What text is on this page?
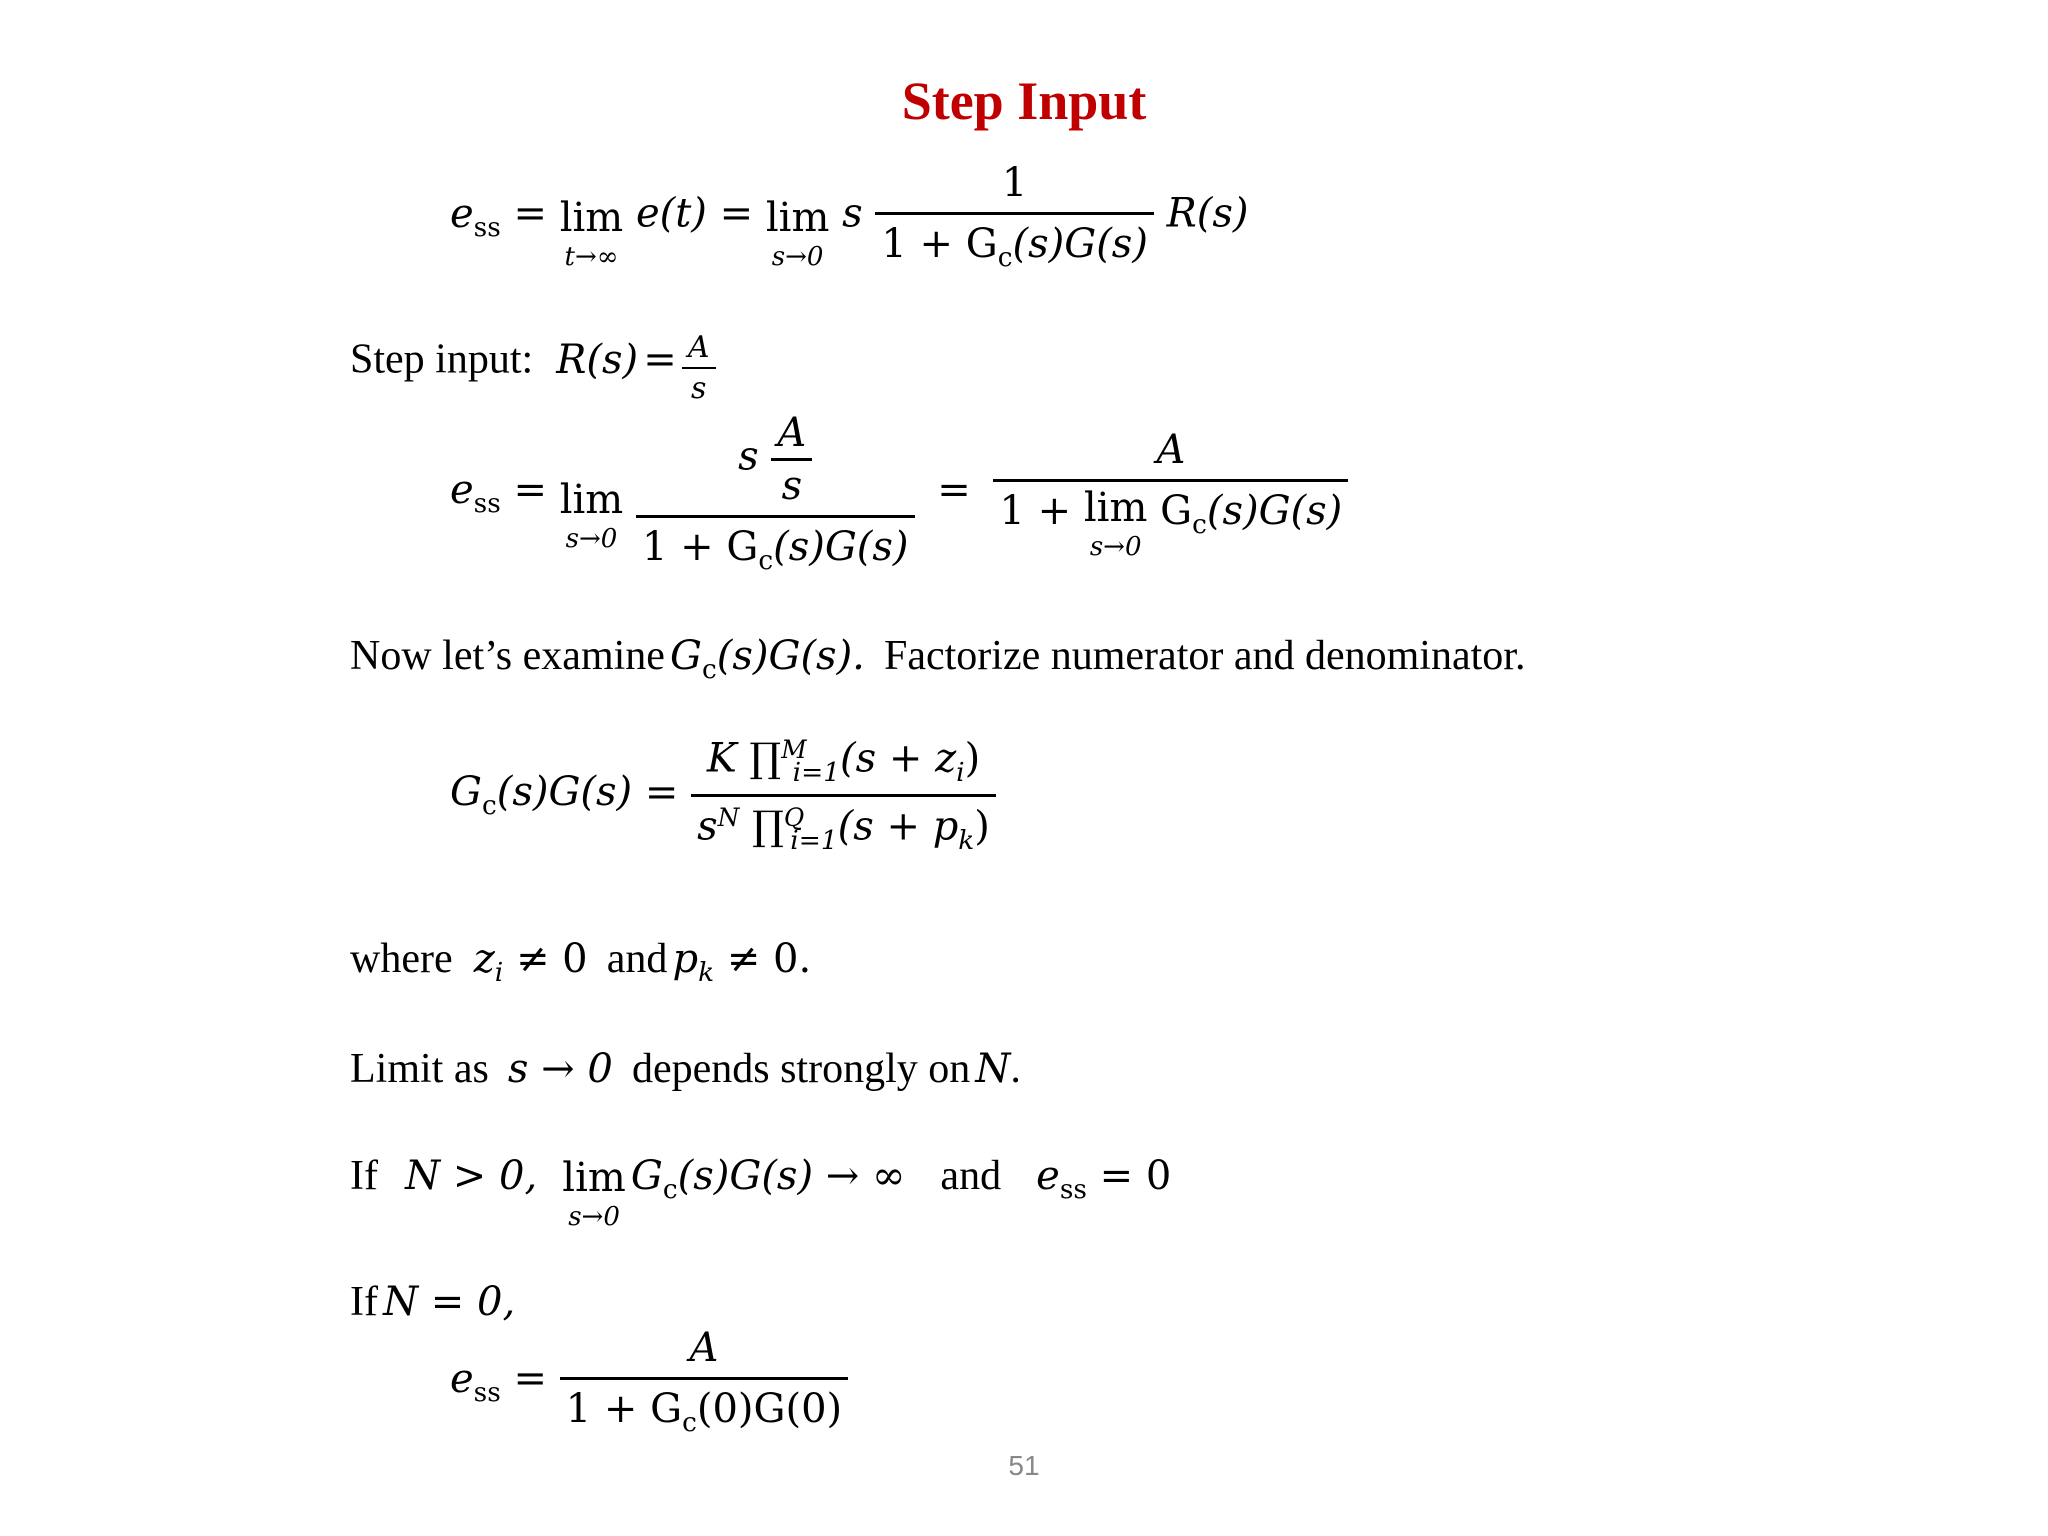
Step Input
$e_{ss} = \lim$
t→∞
e(t) = lim
s→0
s $\frac{1}{1 + G_c(s)G(s)} R(s)$
Step input: $R(s) = \frac{A}{s}$
$e_{ss} = \lim$
s→0
$\frac{s \frac{A}{s}}{1 + G_c(s)G(s)} = A$
1 + lim
s→0
$G_c(s)G(s)$
Now let’s examine $G_c(s)G(s)$. Factorize numerator and denominator.
$G_c(s)G(s) = \frac{K \prod^M_{i=1}(s + z_i)}{s^N \prod^Q_{i=1}(s + p_k)}$
where $z_i \ne 0$ and $p_k \ne 0$.
Limit as s → 0 depends strongly on N.
If N > 0, lim
s→0
$G_c(s)G(s)$ → ∞ and $e_{ss} = 0$
If N = 0,
$e_{ss} = \frac{A}{1 + G_c(0)G(0)}$
51
